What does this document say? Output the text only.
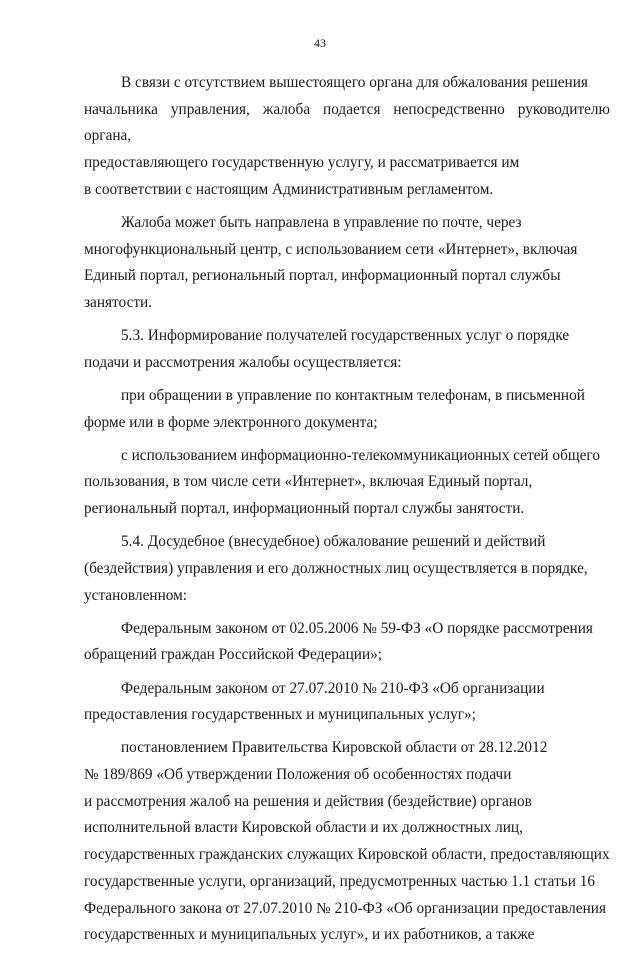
43

В связи с отсутствием вышестоящего органа для обжалования решения
начальника управления, жалоба подается непосредственно руководителю органа,
предоставляющего государственную услугу, и рассматривается им
в соответствии с настоящим Административным регламентом.

Жалоба может быть направлена в управление по почте, через
многофункциональный центр, с использованием сети «Интернет», включая
Единый портал, региональный портал, информационный портал службы
занятости.

5.3. Информирование получателей государственных услуг о порядке
подачи и рассмотрения жалобы осуществляется:

при обращении в управление по контактным телефонам, в письменной
форме или в форме электронного документа;

с использованием информационно-телекоммуникационных сетей общего
пользования, в том числе сети «Интернет», включая Единый портал,
региональный портал, информационный портал службы занятости.

5.4. Досудебное (внесудебное) обжалование решений и действий
(бездействия) управления и его должностных лиц осуществляется в порядке,
установленном:

Федеральным законом от 02.05.2006 № 59-ФЗ «О порядке рассмотрения
обращений граждан Российской Федерации»;

Федеральным законом от 27.07.2010 № 210-ФЗ «Об организации
предоставления государственных и муниципальных услуг»;

постановлением Правительства Кировской области от 28.12.2012
№ 189/869 «Об утверждении Положения об особенностях подачи
и рассмотрения жалоб на решения и действия (бездействие) органов
исполнительной власти Кировской области и их должностных лиц,
государственных гражданских служащих Кировской области, предоставляющих
государственные услуги, организаций, предусмотренных частью 1.1 статьи 16
Федерального закона от 27.07.2010 № 210-ФЗ «Об организации предоставления
государственных и муниципальных услуг», и их работников, а также
